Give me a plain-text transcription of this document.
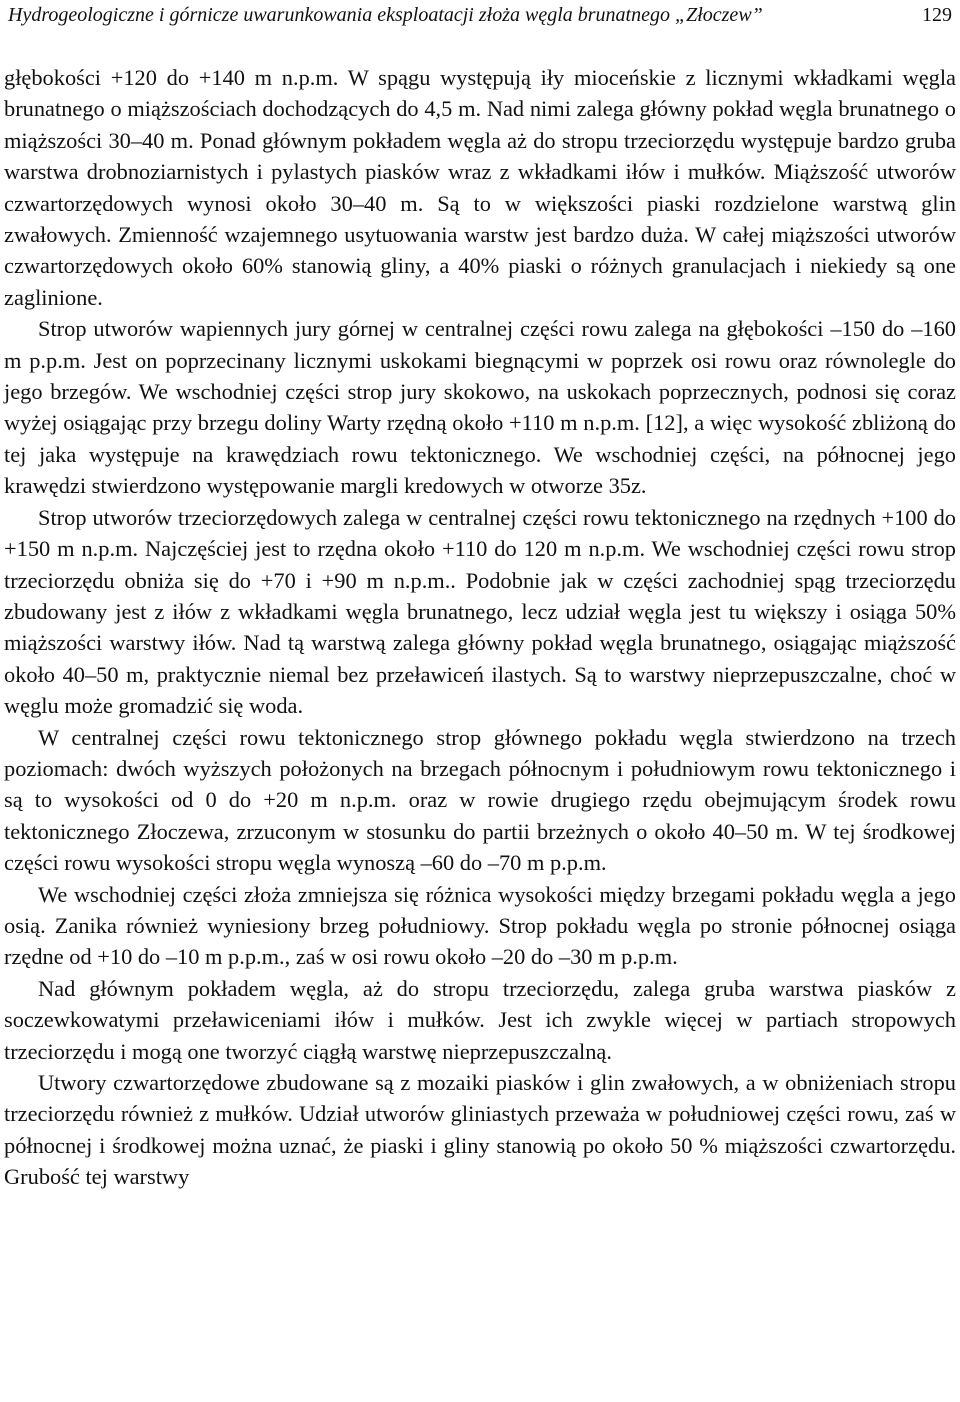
Hydrogeologiczne i górnicze uwarunkowania eksploatacji złoża węgla brunatnego „Złoczew”	129

głębokości +120 do +140 m n.p.m. W spągu występują iły mioceńskie z licznymi wkładkami węgla brunatnego o miąższościach dochodzących do 4,5 m. Nad nimi zalega główny pokład węgla brunatnego o miąższości 30–40 m. Ponad głównym pokładem węgla aż do stropu trzeciorzędu występuje bardzo gruba warstwa drobnoziarnistych i pylastych piasków wraz z wkładkami iłów i mułków. Miąższość utworów czwartorzędowych wynosi około 30–40 m. Są to w większości piaski rozdzielone warstwą glin zwałowych. Zmienność wzajemnego usytuowania warstw jest bardzo duża. W całej miąższości utworów czwartorzędowych około 60% stanowią gliny, a 40% piaski o różnych granulacjach i niekiedy są one zaglinione.

Strop utworów wapiennych jury górnej w centralnej części rowu zalega na głębokości –150 do –160 m p.p.m. Jest on poprzecinany licznymi uskokami biegnącymi w poprzek osi rowu oraz równolegle do jego brzegów. We wschodniej części strop jury skokowo, na uskokach poprzecznych, podnosi się coraz wyżej osiągając przy brzegu doliny Warty rzędną około +110 m n.p.m. [12], a więc wysokość zbliżoną do tej jaka występuje na krawędziach rowu tektonicznego. We wschodniej części, na północnej jego krawędzi stwierdzono występowanie margli kredowych w otworze 35z.

Strop utworów trzeciorzędowych zalega w centralnej części rowu tektonicznego na rzędnych +100 do +150 m n.p.m. Najczęściej jest to rzędna około +110 do 120 m n.p.m. We wschodniej części rowu strop trzeciorzędu obniża się do +70 i +90 m n.p.m.. Podobnie jak w części zachodniej spąg trzeciorzędu zbudowany jest z iłów z wkładkami węgla brunatnego, lecz udział węgla jest tu większy i osiąga 50% miąższości warstwy iłów. Nad tą warstwą zalega główny pokład węgla brunatnego, osiągając miąższość około 40–50 m, praktycznie niemal bez przeławiceń ilastych. Są to warstwy nieprzepuszczalne, choć w węglu może gromadzić się woda.

W centralnej części rowu tektonicznego strop głównego pokładu węgla stwierdzono na trzech poziomach: dwóch wyższych położonych na brzegach północnym i południowym rowu tektonicznego i są to wysokości od 0 do +20 m n.p.m. oraz w rowie drugiego rzędu obejmującym środek rowu tektonicznego Złoczewa, zrzuconym w stosunku do partii brzeżnych o około 40–50 m. W tej środkowej części rowu wysokości stropu węgla wynoszą –60 do –70 m p.p.m.

We wschodniej części złoża zmniejsza się różnica wysokości między brzegami pokładu węgla a jego osią. Zanika również wyniesiony brzeg południowy. Strop pokładu węgla po stronie północnej osiąga rzędne od +10 do –10 m p.p.m., zaś w osi rowu około –20 do –30 m p.p.m.

Nad głównym pokładem węgla, aż do stropu trzeciorzędu, zalega gruba warstwa piasków z soczewkowatymi przeławiceniami iłów i mułków. Jest ich zwykle więcej w partiach stropowych trzeciorzędu i mogą one tworzyć ciągłą warstwę nieprzepuszczalną.

Utwory czwartorzędowe zbudowane są z mozaiki piasków i glin zwałowych, a w obniżeniach stropu trzeciorzędu również z mułków. Udział utworów gliniastych przeważa w południowej części rowu, zaś w północnej i środkowej można uznać, że piaski i gliny stanowią po około 50 % miąższości czwartorzędu. Grubość tej warstwy
